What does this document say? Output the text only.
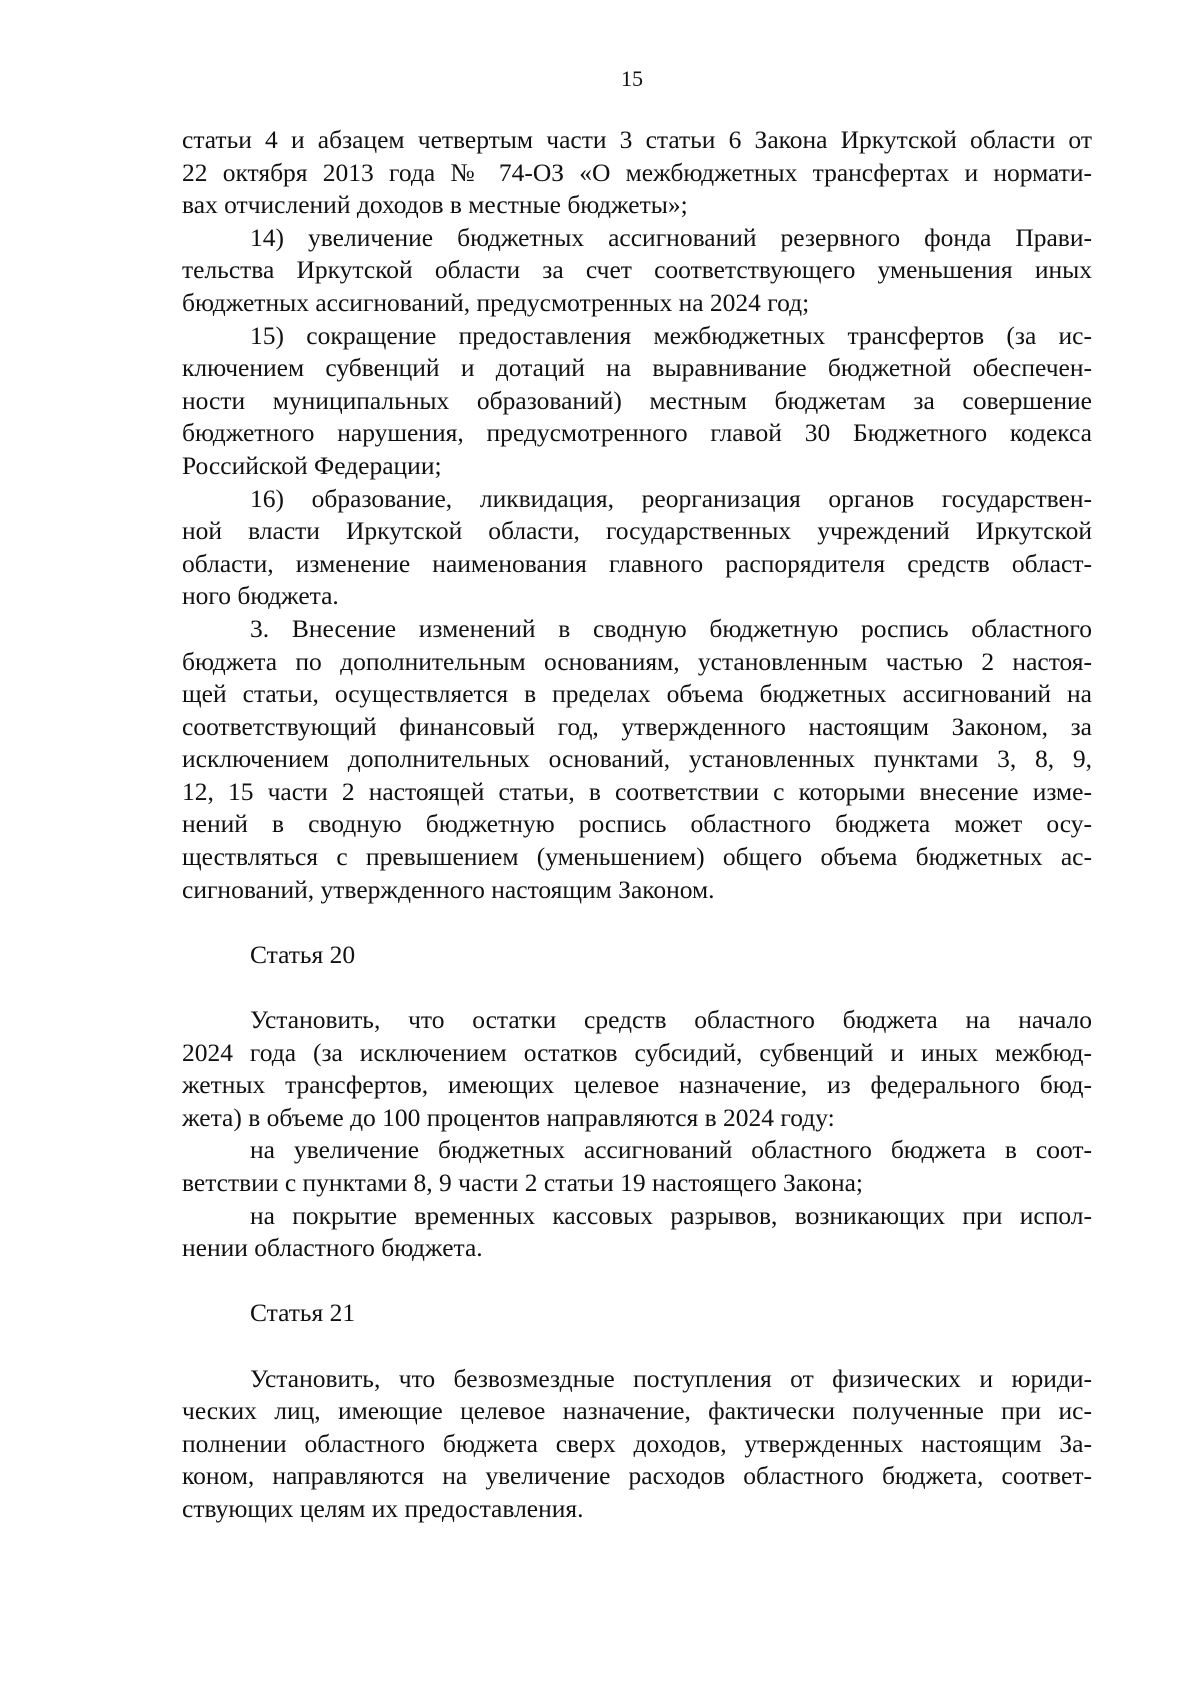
15
статьи 4 и абзацем четвертым части 3 статьи 6 Закона Иркутской области от
22 октября 2013 года № 74-ОЗ «О межбюджетных трансфертах и нормати-
вах отчислений доходов в местные бюджеты»;
14) увеличение бюджетных ассигнований резервного фонда Прави-
тельства Иркутской области за счет соответствующего уменьшения иных
бюджетных ассигнований, предусмотренных на 2024 год;
15) сокращение предоставления межбюджетных трансфертов (за ис-
ключением субвенций и дотаций на выравнивание бюджетной обеспечен-
ности муниципальных образований) местным бюджетам за совершение
бюджетного нарушения, предусмотренного главой 30 Бюджетного кодекса
Российской Федерации;
16) образование, ликвидация, реорганизация органов государствен-
ной власти Иркутской области, государственных учреждений Иркутской
области, изменение наименования главного распорядителя средств област-
ного бюджета.
3. Внесение изменений в сводную бюджетную роспись областного
бюджета по дополнительным основаниям, установленным частью 2 настоя-
щей статьи, осуществляется в пределах объема бюджетных ассигнований на
соответствующий финансовый год, утвержденного настоящим Законом, за
исключением дополнительных оснований, установленных пунктами 3, 8, 9,
12, 15 части 2 настоящей статьи, в соответствии с которыми внесение изме-
нений в сводную бюджетную роспись областного бюджета может осу-
ществляться с превышением (уменьшением) общего объема бюджетных ас-
сигнований, утвержденного настоящим Законом.
Статья 20
Установить, что остатки средств областного бюджета на начало
2024 года (за исключением остатков субсидий, субвенций и иных межбюд-
жетных трансфертов, имеющих целевое назначение, из федерального бюд-
жета) в объеме до 100 процентов направляются в 2024 году:
на увеличение бюджетных ассигнований областного бюджета в соот-
ветствии с пунктами 8, 9 части 2 статьи 19 настоящего Закона;
на покрытие временных кассовых разрывов, возникающих при испол-
нении областного бюджета.
Статья 21
Установить, что безвозмездные поступления от физических и юриди-
ческих лиц, имеющие целевое назначение, фактически полученные при ис-
полнении областного бюджета сверх доходов, утвержденных настоящим За-
коном, направляются на увеличение расходов областного бюджета, соответ-
ствующих целям их предоставления.
